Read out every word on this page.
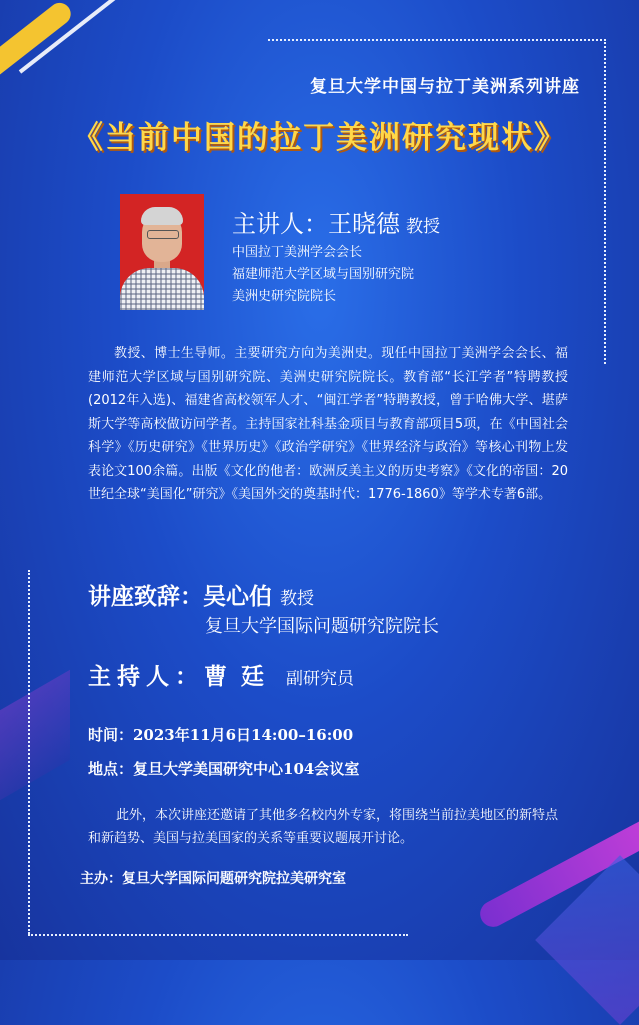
复旦大学中国与拉丁美洲系列讲座
《当前中国的拉丁美洲研究现状》
主讲人：王晓德 教授
中国拉丁美洲学会会长
福建师范大学区域与国别研究院
美洲史研究院院长
教授、博士生导师。主要研究方向为美洲史。现任中国拉丁美洲学会会长、福建师范大学区域与国别研究院、美洲史研究院院长。教育部“长江学者”特聘教授(2012年入选)、福建省高校领军人才、“闽江学者”特聘教授，曾于哈佛大学、堪萨斯大学等高校做访问学者。主持国家社科基金项目与教育部项目5项，在《中国社会科学》《历史研究》《世界历史》《政治学研究》《世界经济与政治》等核心刊物上发表论文100余篇。出版《文化的他者：欧洲反美主义的历史考察》《文化的帝国：20世纪全球“美国化”研究》《美国外交的奠基时代：1776-1860》等学术专著6部。
讲座致辞：吴心伯 教授
复旦大学国际问题研究院院长
主持人：曹廷 副研究员
时间：2023年11月6日14:00–16:00
地点：复旦大学美国研究中心104会议室
此外，本次讲座还邀请了其他多名校内外专家，将围绕当前拉美地区的新特点和新趋势、美国与拉美国家的关系等重要议题展开讨论。
主办：复旦大学国际问题研究院拉美研究室
